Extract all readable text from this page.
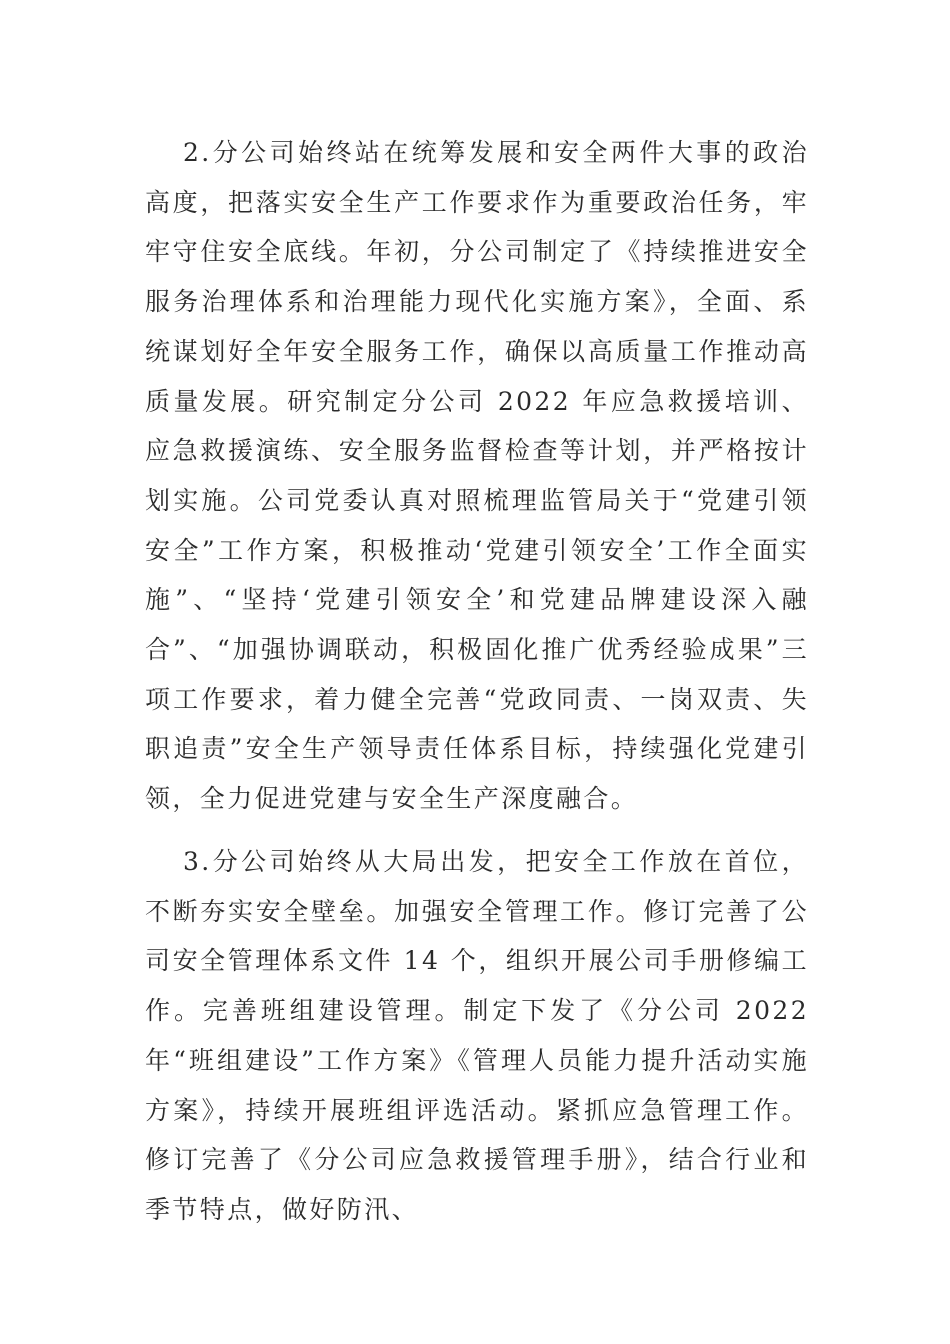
2.分公司始终站在统筹发展和安全两件大事的政治高度，把落实安全生产工作要求作为重要政治任务，牢牢守住安全底线。年初，分公司制定了《持续推进安全服务治理体系和治理能力现代化实施方案》，全面、系统谋划好全年安全服务工作，确保以高质量工作推动高质量发展。研究制定分公司 2022 年应急救援培训、应急救援演练、安全服务监督检查等计划，并严格按计划实施。公司党委认真对照梳理监管局关于“党建引领安全”工作方案，积极推动‘党建引领安全’工作全面实施”、“坚持‘党建引领安全’和党建品牌建设深入融合”、“加强协调联动，积极固化推广优秀经验成果”三项工作要求，着力健全完善“党政同责、一岗双责、失职追责”安全生产领导责任体系目标，持续强化党建引领，全力促进党建与安全生产深度融合。

3.分公司始终从大局出发，把安全工作放在首位，不断夯实安全壁垒。加强安全管理工作。修订完善了公司安全管理体系文件 14 个，组织开展公司手册修编工作。完善班组建设管理。制定下发了《分公司 2022 年“班组建设”工作方案》《管理人员能力提升活动实施方案》，持续开展班组评选活动。紧抓应急管理工作。修订完善了《分公司应急救援管理手册》，结合行业和季节特点，做好防汛、
